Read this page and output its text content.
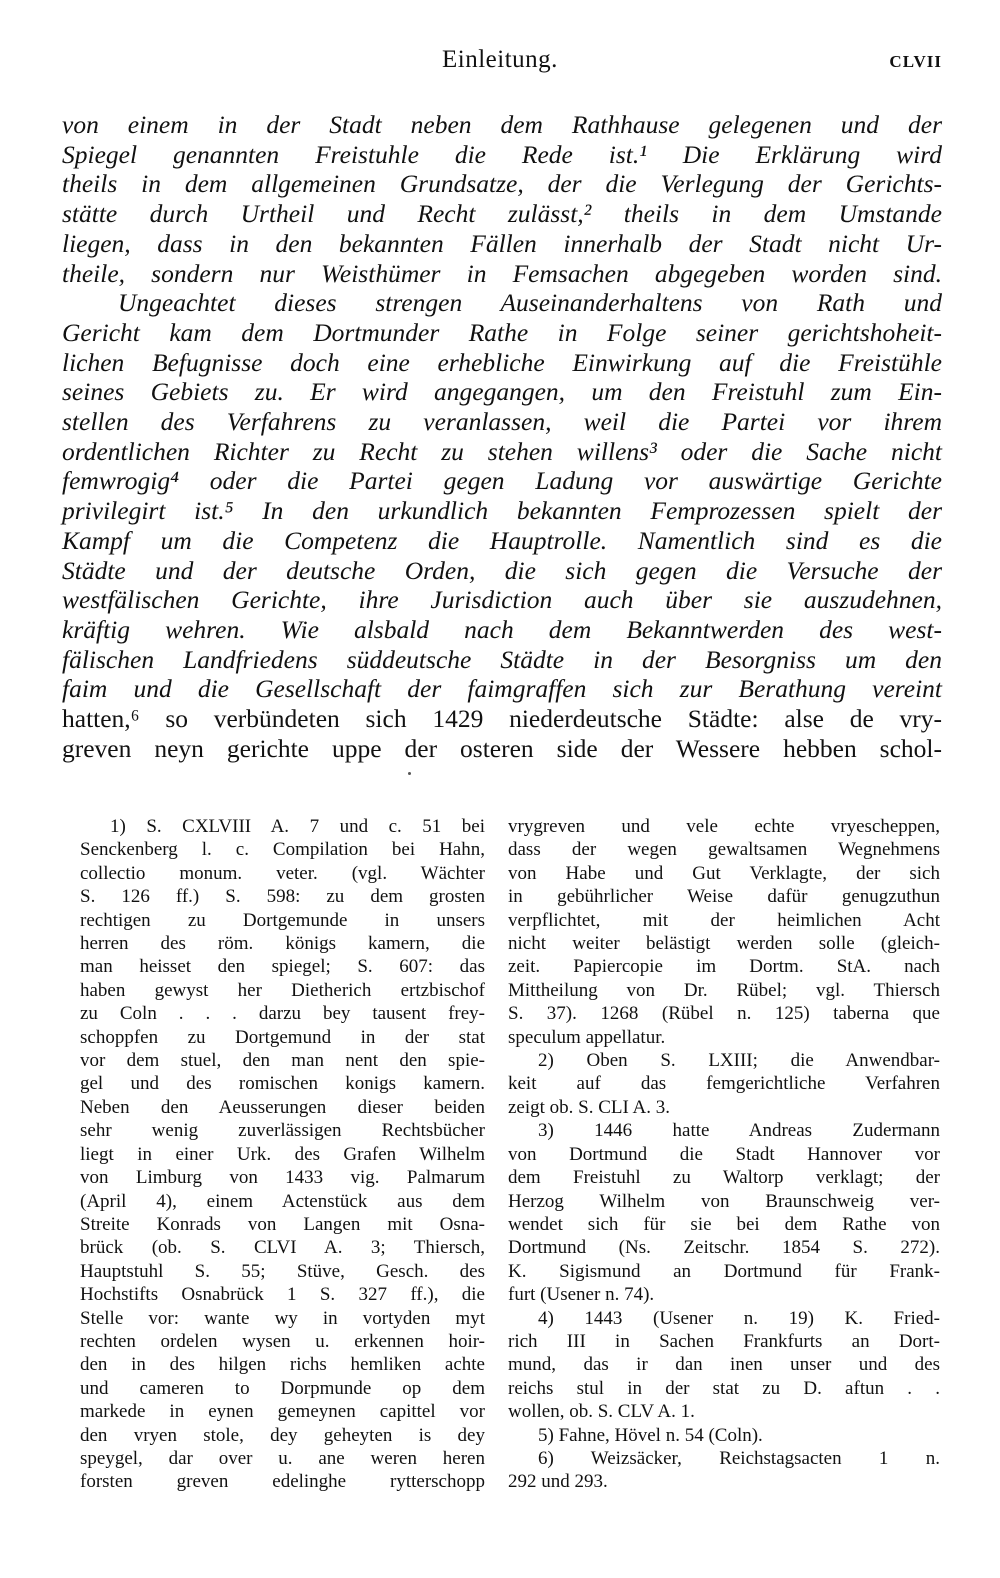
Einleitung.	CLVII
von einem in der Stadt neben dem Rathhause gelegenen und der
Spiegel genannten Freistuhle die Rede ist.¹ Die Erklärung wird
theils in dem allgemeinen Grundsatze, der die Verlegung der Gerichts-
stätte durch Urtheil und Recht zulässt,² theils in dem Umstande
liegen, dass in den bekannten Fällen innerhalb der Stadt nicht Ur-
theile, sondern nur Weisthümer in Femsachen abgegeben worden sind.
Ungeachtet dieses strengen Auseinanderhaltens von Rath und
Gericht kam dem Dortmunder Rathe in Folge seiner gerichtshoheit-
lichen Befugnisse doch eine erhebliche Einwirkung auf die Freistühle
seines Gebiets zu. Er wird angegangen, um den Freistuhl zum Ein-
stellen des Verfahrens zu veranlassen, weil die Partei vor ihrem
ordentlichen Richter zu Recht zu stehen willens³ oder die Sache nicht
femwrogig⁴ oder die Partei gegen Ladung vor auswärtige Gerichte
privilegirt ist.⁵ In den urkundlich bekannten Femprozessen spielt der
Kampf um die Competenz die Hauptrolle. Namentlich sind es die
Städte und der deutsche Orden, die sich gegen die Versuche der
westfälischen Gerichte, ihre Jurisdiction auch über sie auszudehnen,
kräftig wehren. Wie alsbald nach dem Bekanntwerden des west-
fälischen Landfriedens süddeutsche Städte in der Besorgniss um den
faim und die Gesellschaft der faimgraffen sich zur Berathung vereint
hatten,⁶ so verbündeten sich 1429 niederdeutsche Städte: alse de vry-
greven neyn gerichte uppe der osteren side der Wessere hebben schol-
1) S. CXLVIII A. 7 und c. 51 bei
Senckenberg l. c. Compilation bei Hahn,
collectio monum. veter. (vgl. Wächter
S. 126 ff.) S. 598: zu dem grosten
rechtigen zu Dortgemunde in unsers
herren des röm. königs kamern, die
man heisset den spiegel; S. 607: das
haben gewyst her Dietherich ertzbischof
zu Coln . . . darzu bey tausent frey-
schoppfen zu Dortgemund in der stat
vor dem stuel, den man nent den spie-
gel und des romischen konigs kamern.
Neben den Aeusserungen dieser beiden
sehr wenig zuverlässigen Rechtsbücher
liegt in einer Urk. des Grafen Wilhelm
von Limburg von 1433 vig. Palmarum
(April 4), einem Actenstück aus dem
Streite Konrads von Langen mit Osna-
brück (ob. S. CLVI A. 3; Thiersch,
Hauptstuhl S. 55; Stüve, Gesch. des
Hochstifts Osnabrück 1 S. 327 ff.), die
Stelle vor: wante wy in vortyden myt
rechten ordelen wysen u. erkennen hoir-
den in des hilgen richs hemliken achte
und cameren to Dorpmunde op dem
markede in eynen gemeynen capittel vor
den vryen stole, dey geheyten is dey
speygel, dar over u. ane weren heren
forsten greven edelinghe rytterschopp
vrygreven und vele echte vryescheppen,
dass der wegen gewaltsamen Wegnehmens
von Habe und Gut Verklagte, der sich
in gebührlicher Weise dafür genugzuthun
verpflichtet, mit der heimlichen Acht
nicht weiter belästigt werden solle (gleich-
zeit. Papiercopie im Dortm. StA. nach
Mittheilung von Dr. Rübel; vgl. Thiersch
S. 37). 1268 (Rübel n. 125) taberna que
speculum appellatur.
2) Oben S. LXIII; die Anwendbar-
keit auf das femgerichtliche Verfahren
zeigt ob. S. CLI A. 3.
3) 1446 hatte Andreas Zudermann
von Dortmund die Stadt Hannover vor
dem Freistuhl zu Waltorp verklagt; der
Herzog Wilhelm von Braunschweig ver-
wendet sich für sie bei dem Rathe von
Dortmund (Ns. Zeitschr. 1854 S. 272).
K. Sigismund an Dortmund für Frank-
furt (Usener n. 74).
4) 1443 (Usener n. 19) K. Fried-
rich III in Sachen Frankfurts an Dort-
mund, das ir dan inen unser und des
reichs stul in der stat zu D. aftun . .
wollen, ob. S. CLV A. 1.
5) Fahne, Hövel n. 54 (Coln).
6) Weizsäcker, Reichstagsacten 1 n.
292 und 293.
